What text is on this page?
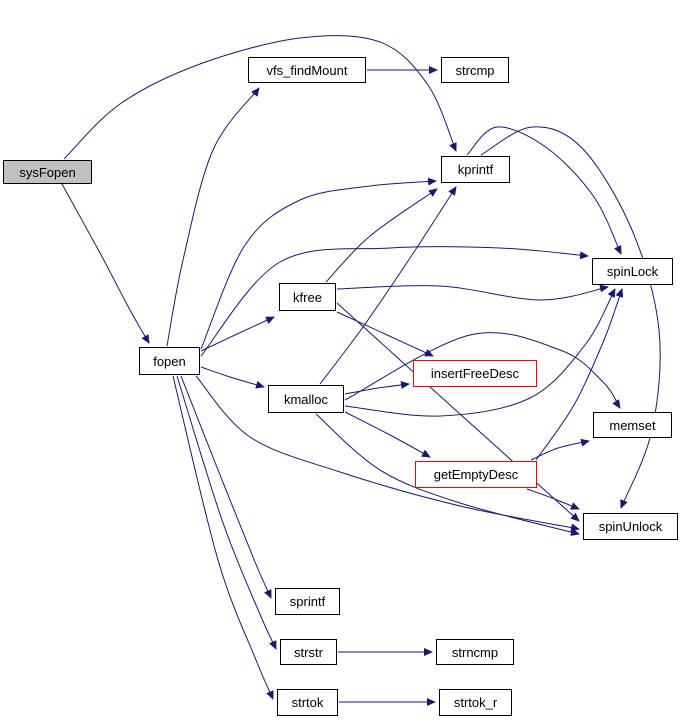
sysFopen
vfs_findMount	strcmp
kprintf
spinLock
kfree
fopen
insertFreeDesc
kmalloc
memset
getEmptyDesc
spinUnlock
sprintf
strstr	strncmp
strtok	strtok_r
